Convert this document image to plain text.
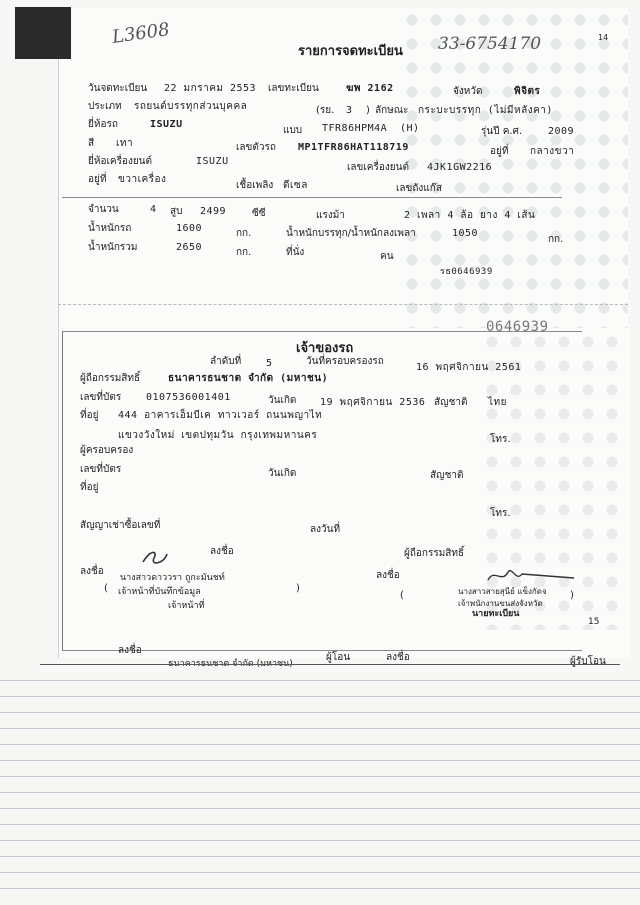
L3608
รายการจดทะเบียน 33-6754170	14
วันจดทะเบียน 22 มกราคม 2553 เลขทะเบียน	ฆพ 2162	จังหวัด	พิจิตร
ประเภท รถยนต์บรรทุกส่วนบุคคล	(รย. 3 ) ลักษณะ กระบะบรรทุก (ไม่มีหลังคา)
ยี่ห้อรถ	ISUZU
แบบ TFR86HPM4A (H)	รุ่นปี ค.ศ.	2009
สี เทา	เลขตัวรถ MP1TFR86HAT118719	อยู่ที่ กลางขวา
ยี่ห้อเครื่องยนต์	ISUZU
เลขเครื่องยนต์ 4JK1GW2216
อยู่ที่ ขวาเครื่อง
เชื้อเพลิง ดีเซล	เลขถังแก๊ส
จำนวน	4 สูบ 2499	ซีซี	แรงม้า	2 เพลา 4 ล้อ ยาง 4 เส้น
น้ำหนักรถ	1600	กก.	น้ำหนักบรรทุก/น้ำหนักลงเพลา	1050
กก.
น้ำหนักรวม	2650	กก.	ที่นั่ง	คน
รธ0646939
0646939
เจ้าของรถ
ลำดับที่ 5	วันที่ครอบครองรถ
16 พฤศจิกายน 2561
ผู้ถือกรรมสิทธิ์	ธนาคารธนชาต จำกัด (มหาชน)
เลขที่บัตร 0107536001401	วันเกิด 19 พฤศจิกายน 2536 สัญชาติ ไทย
ที่อยู่ 444 อาคารเอ็มบีเค ทาวเวอร์ ถนนพญาไท
แขวงวังใหม่ เขตปทุมวัน กรุงเทพมหานคร	โทร.
ผู้ครอบครอง
เลขที่บัตร	วันเกิด	สัญชาติ
ที่อยู่
โทร.
สัญญาเช่าซื้อเลขที่	ลงวันที่
ลงชื่อ	ผู้ถือกรรมสิทธิ์
ลงชื่อ
(
นางสาวดาววรา ถูกะมันชท์
)
เจ้าหน้าที่บันทึกข้อมูล
เจ้าหน้าที่
ลงชื่อ
(	นางสาวสายสุนีย์ แข็งกัดจ )
เจ้าพนักงานขนส่งจังหวัด
นายทะเบียน
15
ลงชื่อ
ธนาคารธนชาต จำกัด (มหาชน)
ผู้โอน	ลงชื่อ	ผู้รับโอน
